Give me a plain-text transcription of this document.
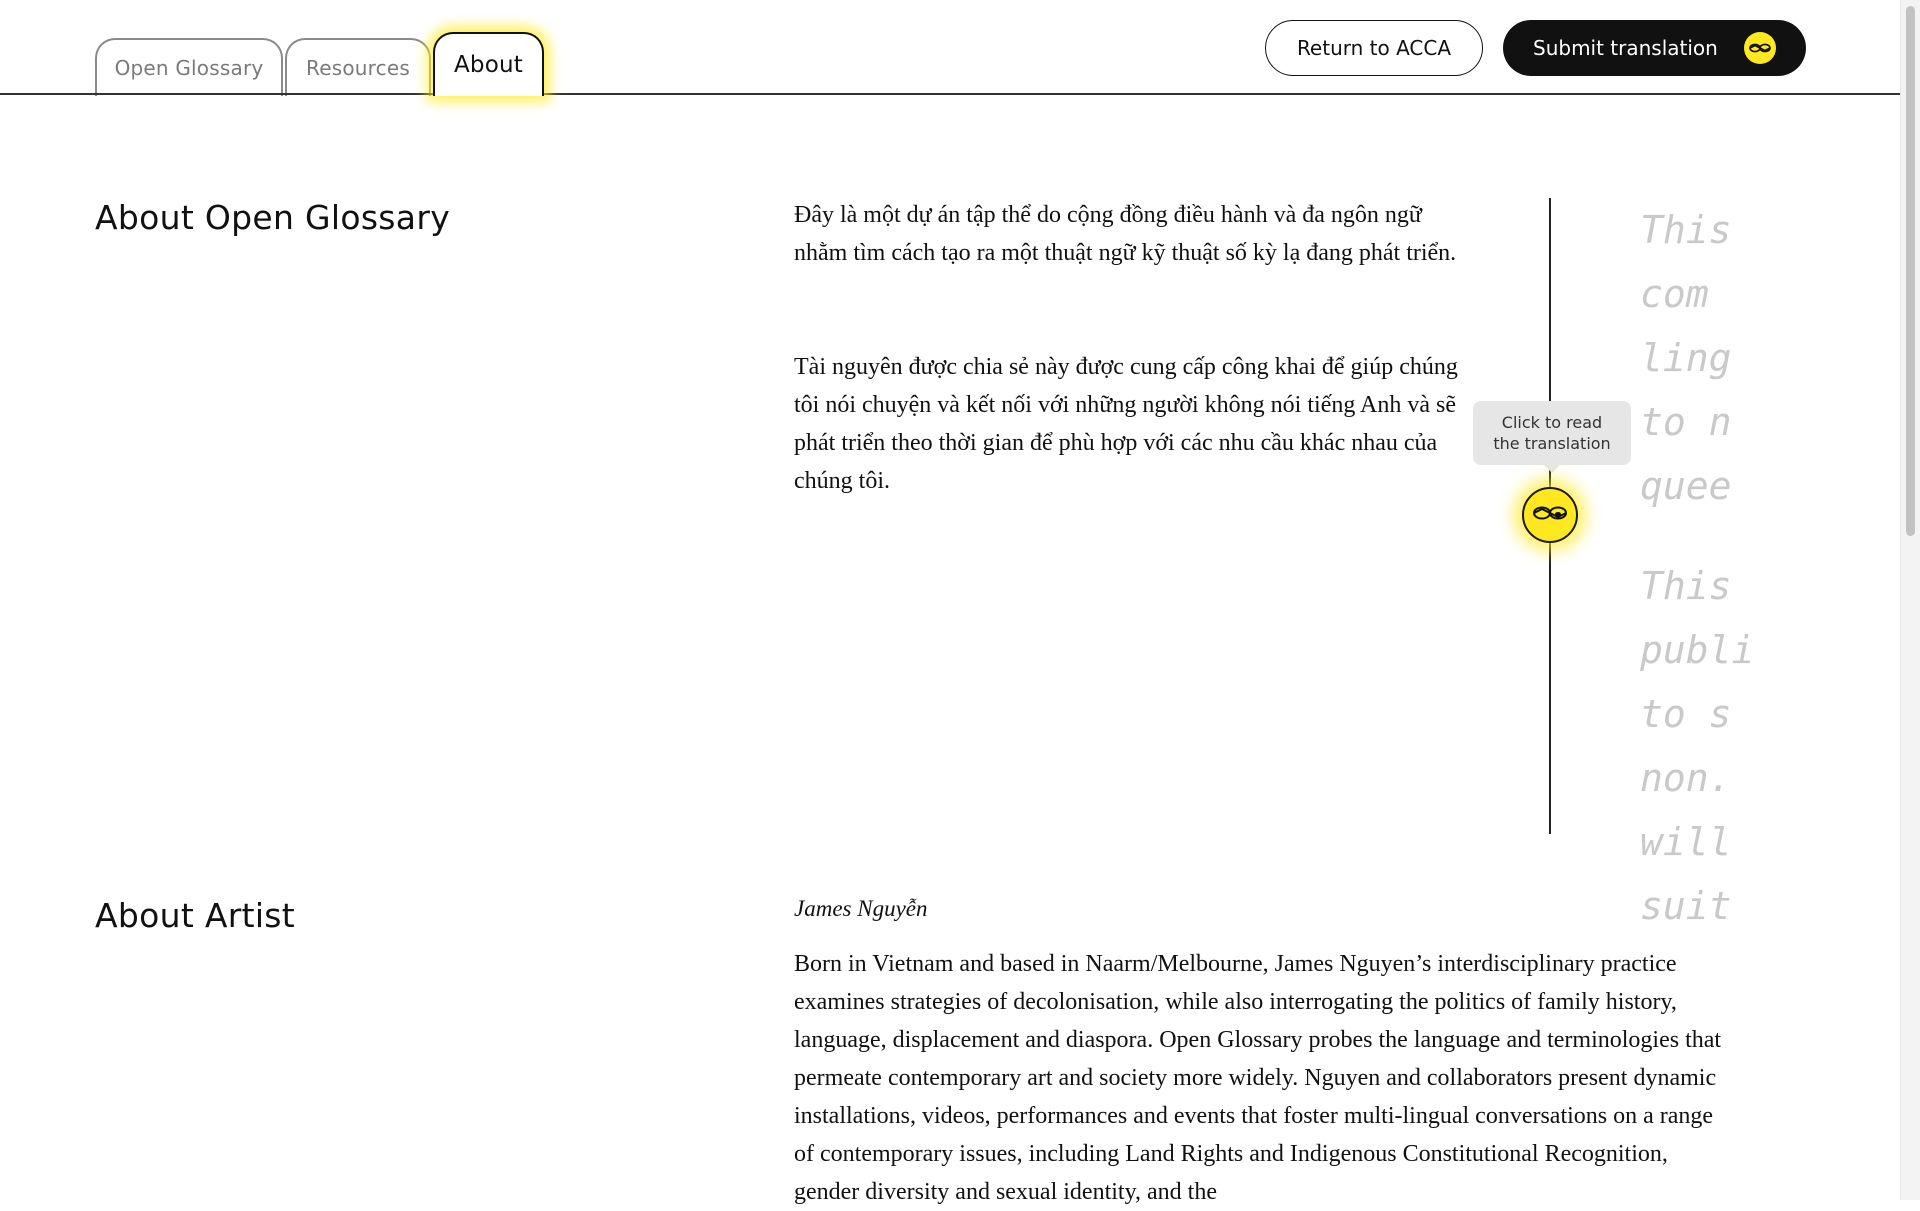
Open Glossary Resources About
Return to ACCA	Submit translation
About Open Glossary	Đây là một dự án tập thể do cộng đồng điều hành và đa ngôn ngữ nhằm tìm cách tạo ra một thuật ngữ kỹ thuật số kỳ lạ đang phát triển.

Tài nguyên được chia sẻ này được cung cấp công khai để giúp chúng tôi nói chuyện và kết nối với những người không nói tiếng Anh và sẽ phát triển theo thời gian để phù hợp với các nhu cầu khác nhau của chúng tôi.

Click to read
the translation
This
com
ling
to n
quee
This
publi
to s
non.
will
suit
About Artist	James Nguyễn

Born in Vietnam and based in Naarm/Melbourne, James Nguyen’s interdisciplinary practice examines strategies of decolonisation, while also interrogating the politics of family history, language, displacement and diaspora. Open Glossary probes the language and terminologies that permeate contemporary art and society more widely. Nguyen and collaborators present dynamic installations, videos, performances and events that foster multi-lingual conversations on a range of contemporary issues, including Land Rights and Indigenous Constitutional Recognition, gender diversity and sexual identity, and the
